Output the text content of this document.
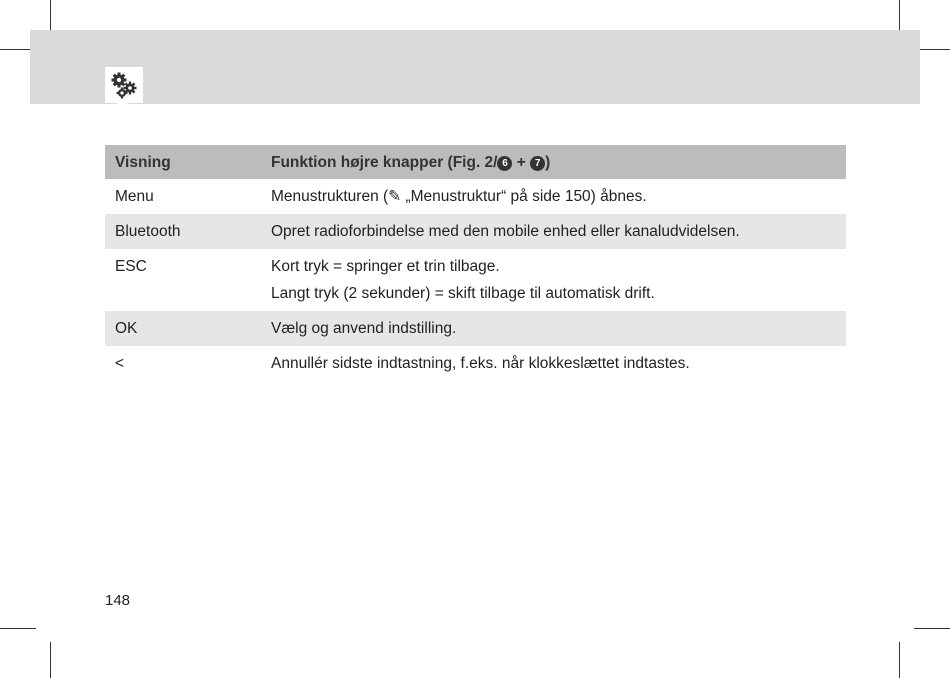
Visning	Funktion højre knapper (Fig. 2/ 6 + 7 )
Menu	Menustrukturen (✎ „Menustruktur“ på side 150) åbnes.

Bluetooth	Opret radioforbindelse med den mobile enhed eller kanaludvidelsen.

ESC	Kort tryk = springer et trin tilbage.
Langt tryk (2 sekunder) = skift tilbage til automatisk drift.

OK	Vælg og anvend indstilling.

<	Annullér sidste indtastning, f.eks. når klokkeslættet indtastes.
148
